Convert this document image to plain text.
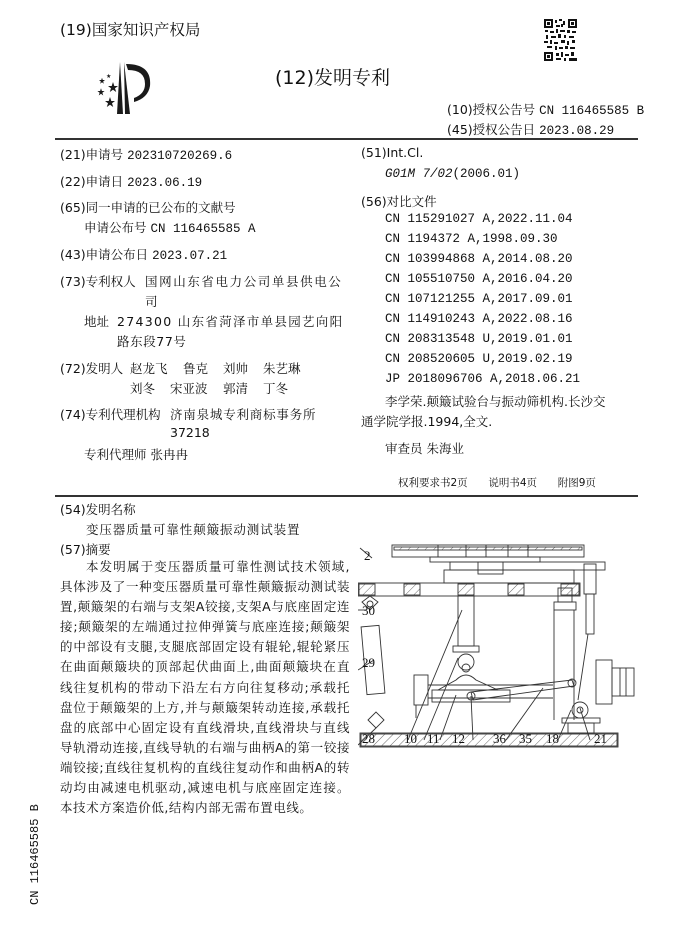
(19)国家知识产权局
(12)发明专利
(10)授权公告号 CN 116465585 B
(45)授权公告日 2023.08.29
(21)申请号 202310720269.6
(22)申请日 2023.06.19
(65)同一申请的已公布的文献号
申请公布号 CN 116465585 A
(43)申请公布日 2023.07.21
(73)专利权人 国网山东省电力公司单县供电公
司
地址 274300 山东省菏泽市单县园艺向阳
路东段77号
(72)发明人 赵龙飞 鲁克 刘帅 朱艺琳
刘冬 宋亚波 郭清 丁冬
(74)专利代理机构 济南泉城专利商标事务所
37218
专利代理师 张冉冉
(51)Int.Cl.
G01M 7/02(2006.01)
(56)对比文件
CN 115291027 A,2022.11.04
CN 1194372 A,1998.09.30
CN 103994868 A,2014.08.20
CN 105510750 A,2016.04.20
CN 107121255 A,2017.09.01
CN 114910243 A,2022.08.16
CN 208313548 U,2019.01.01
CN 208520605 U,2019.02.19
JP 2018096706 A,2018.06.21
李学荣.颠簸试验台与振动筛机构.长沙交
通学院学报.1994,全文.
审查员 朱海业
权利要求书2页 说明书4页 附图9页
(54)发明名称
变压器质量可靠性颠簸振动测试装置
(57)摘要
本发明属于变压器质量可靠性测试技术领域,具体涉及了一种变压器质量可靠性颠簸振动测试装置,颠簸架的右端与支架A铰接,支架A与底座固定连接;颠簸架的左端通过拉伸弹簧与底座连接;颠簸架的中部设有支腿,支腿底部固定设有辊轮,辊轮紧压在曲面颠簸块的顶部起伏曲面上,曲面颠簸块在直线往复机构的带动下沿左右方向往复移动;承载托盘位于颠簸架的上方,并与颠簸架转动连接,承载托盘的底部中心固定设有直线滑块,直线滑块与直线导轨滑动连接,直线导轨的右端与曲柄A的第一铰接端铰接;直线往复机构的直线往复动作和曲柄A的转动均由减速电机驱动,减速电机与底座固定连接。本技术方案造价低,结构内部无需布置电线。
2
30
29
28 10 11 12 36 35 18	21
CN 116465585 B
